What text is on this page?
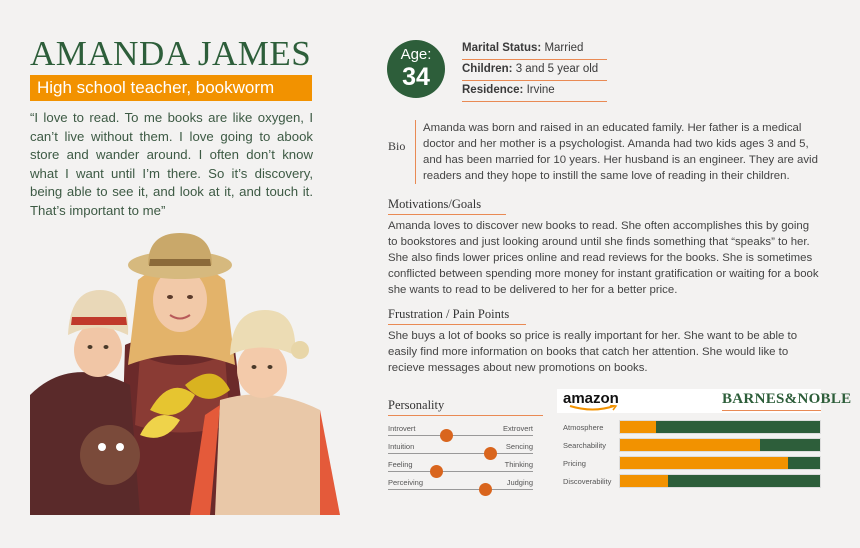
AMANDA JAMES
High school teacher, bookworm
“I love to read. To me books are like oxygen, I can’t live without them. I love going to abook store and wander around. I often don’t know what I want until I’m there. So it’s discovery, being able to see it, and look at it, and touch it. That’s important to me”
Age:
34
Marital Status: Married
Children: 3 and 5 year old
Residence: Irvine
Bio
Amanda was born and raised in an educated family. Her father is a medical doctor and her mother is a psychologist. Amanda had two kids ages 3 and 5, and has been married for 10 years. Her husband is an engineer. They are avid readers and they hope to instill the same love of reading in their children.
Motivations/Goals
Amanda loves to discover new books to read. She often accomplishes this by going to bookstores and just looking around until she finds something that “speaks” to her. She also finds lower prices online and read reviews for the books. She is sometimes conflicted between spending more money for instant gratification or waiting for a book she wants to read to be delivered to her for a better price.
Frustration / Pain Points
She buys a lot of books so price is really important for her. She want to be able to easily find more information on books that catch her attention. She would like to recieve messages about new promotions on books.
Personality
Introvert	Extrovert
Intuition	Sencing
Feeling	Thinking
Perceiving	Judging
amazon	BARNES&NOBLE
Atmosphere
Searchability
Pricing
Discoverability
